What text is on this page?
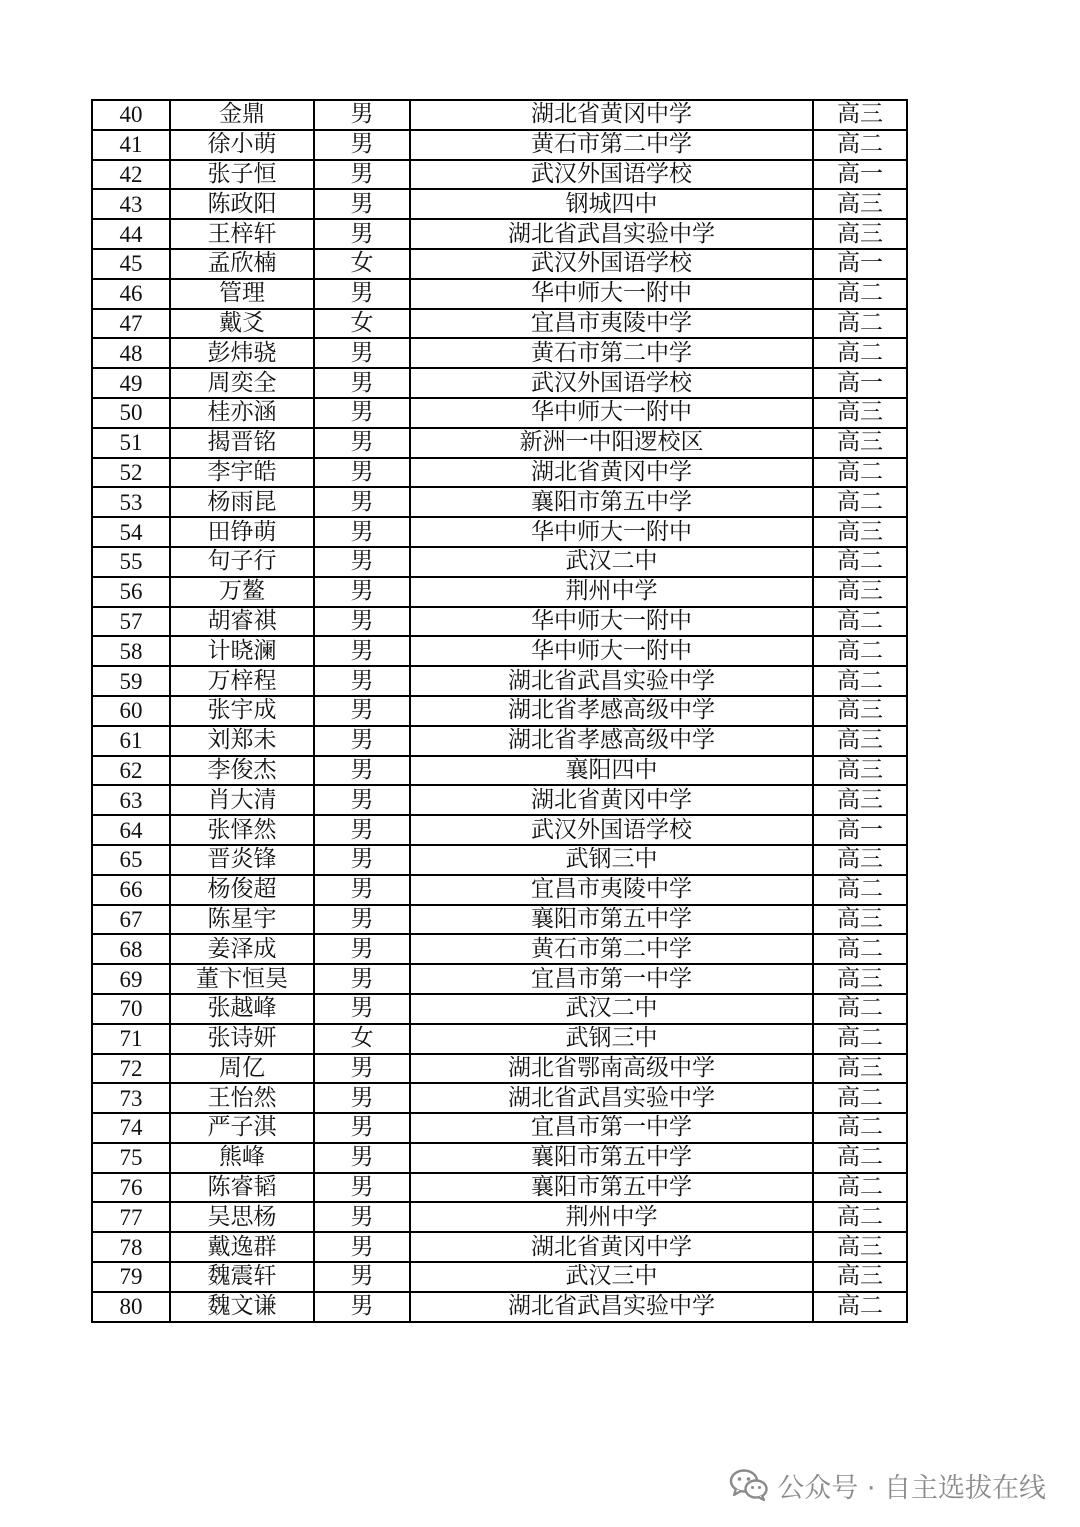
40	金鼎	男	湖北省黄冈中学	高三
41	徐小萌	男	黄石市第二中学	高二
42	张子恒	男	武汉外国语学校	高一
43	陈政阳	男	钢城四中	高三
44	王梓轩	男	湖北省武昌实验中学	高三
45	孟欣楠	女	武汉外国语学校	高一
46	管理	男	华中师大一附中	高二
47	戴爻	女	宜昌市夷陵中学	高二
48	彭炜骁	男	黄石市第二中学	高二
49	周奕全	男	武汉外国语学校	高一
50	桂亦涵	男	华中师大一附中	高三
51	揭晋铭	男	新洲一中阳逻校区	高三
52	李宇皓	男	湖北省黄冈中学	高二
53	杨雨昆	男	襄阳市第五中学	高二
54	田铮萌	男	华中师大一附中	高三
55	句子行	男	武汉二中	高二
56	万鳌	男	荆州中学	高三
57	胡睿祺	男	华中师大一附中	高二
58	计晓澜	男	华中师大一附中	高二
59	万梓程	男	湖北省武昌实验中学	高二
60	张宇成	男	湖北省孝感高级中学	高三
61	刘郑未	男	湖北省孝感高级中学	高三
62	李俊杰	男	襄阳四中	高三
63	肖大清	男	湖北省黄冈中学	高三
64	张怿然	男	武汉外国语学校	高一
65	晋炎锋	男	武钢三中	高三
66	杨俊超	男	宜昌市夷陵中学	高二
67	陈星宇	男	襄阳市第五中学	高三
68	姜泽成	男	黄石市第二中学	高二
69	董卞恒昊	男	宜昌市第一中学	高三
70	张越峰	男	武汉二中	高二
71	张诗妍	女	武钢三中	高二
72	周亿	男	湖北省鄂南高级中学	高三
73	王怡然	男	湖北省武昌实验中学	高二
74	严子淇	男	宜昌市第一中学	高二
75	熊峰	男	襄阳市第五中学	高二
76	陈睿韬	男	襄阳市第五中学	高二
77	吴思杨	男	荆州中学	高二
78	戴逸群	男	湖北省黄冈中学	高三
79	魏震轩	男	武汉三中	高三
80	魏文谦	男	湖北省武昌实验中学	高二
公众号 · 自主选拔在线
